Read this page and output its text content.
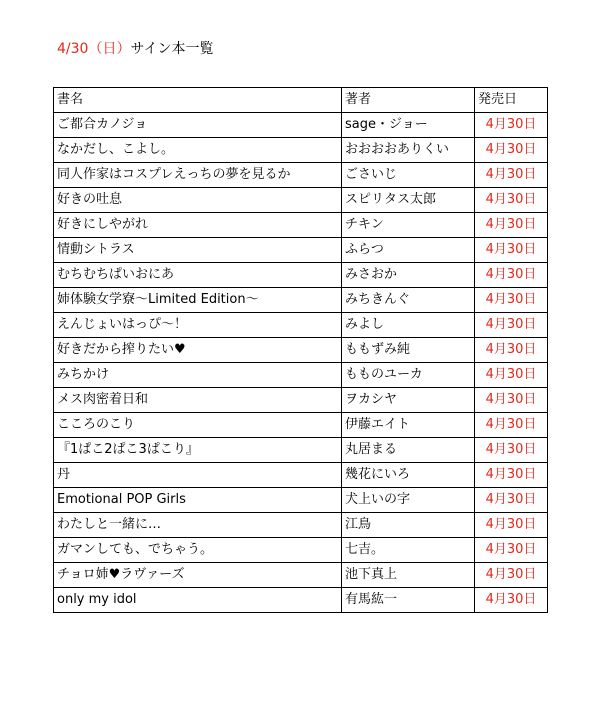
4/30（日）サイン本一覧
書名	著者	発売日
ご都合カノジョ	sage・ジョー	4月30日
なかだし、こよし。	おおおおありくい	4月30日
同人作家はコスプレえっちの夢を見るか	ごさいじ	4月30日
好きの吐息	スピリタス太郎	4月30日
好きにしやがれ	チキン	4月30日
情動シトラス	ふらつ	4月30日
むちむちぱいおにあ	みさおか	4月30日
姉体験女学寮～Limited Edition～	みちきんぐ	4月30日
えんじょいはっぴ～！	みよし	4月30日
好きだから搾りたい♥	ももずみ純	4月30日
みちかけ	もものユーカ	4月30日
メス肉密着日和	ヲカシヤ	4月30日
こころのこり	伊藤エイト	4月30日
『1ぱこ2ぱこ3ぱこり』	丸居まる	4月30日
丹	幾花にいろ	4月30日
Emotional POP Girls	犬上いの字	4月30日
わたしと一緒に…	江鳥	4月30日
ガマンしても、でちゃう。	七吉。	4月30日
チョロ姉♥ラヴァーズ	池下真上	4月30日
only my idol	有馬紘一	4月30日
